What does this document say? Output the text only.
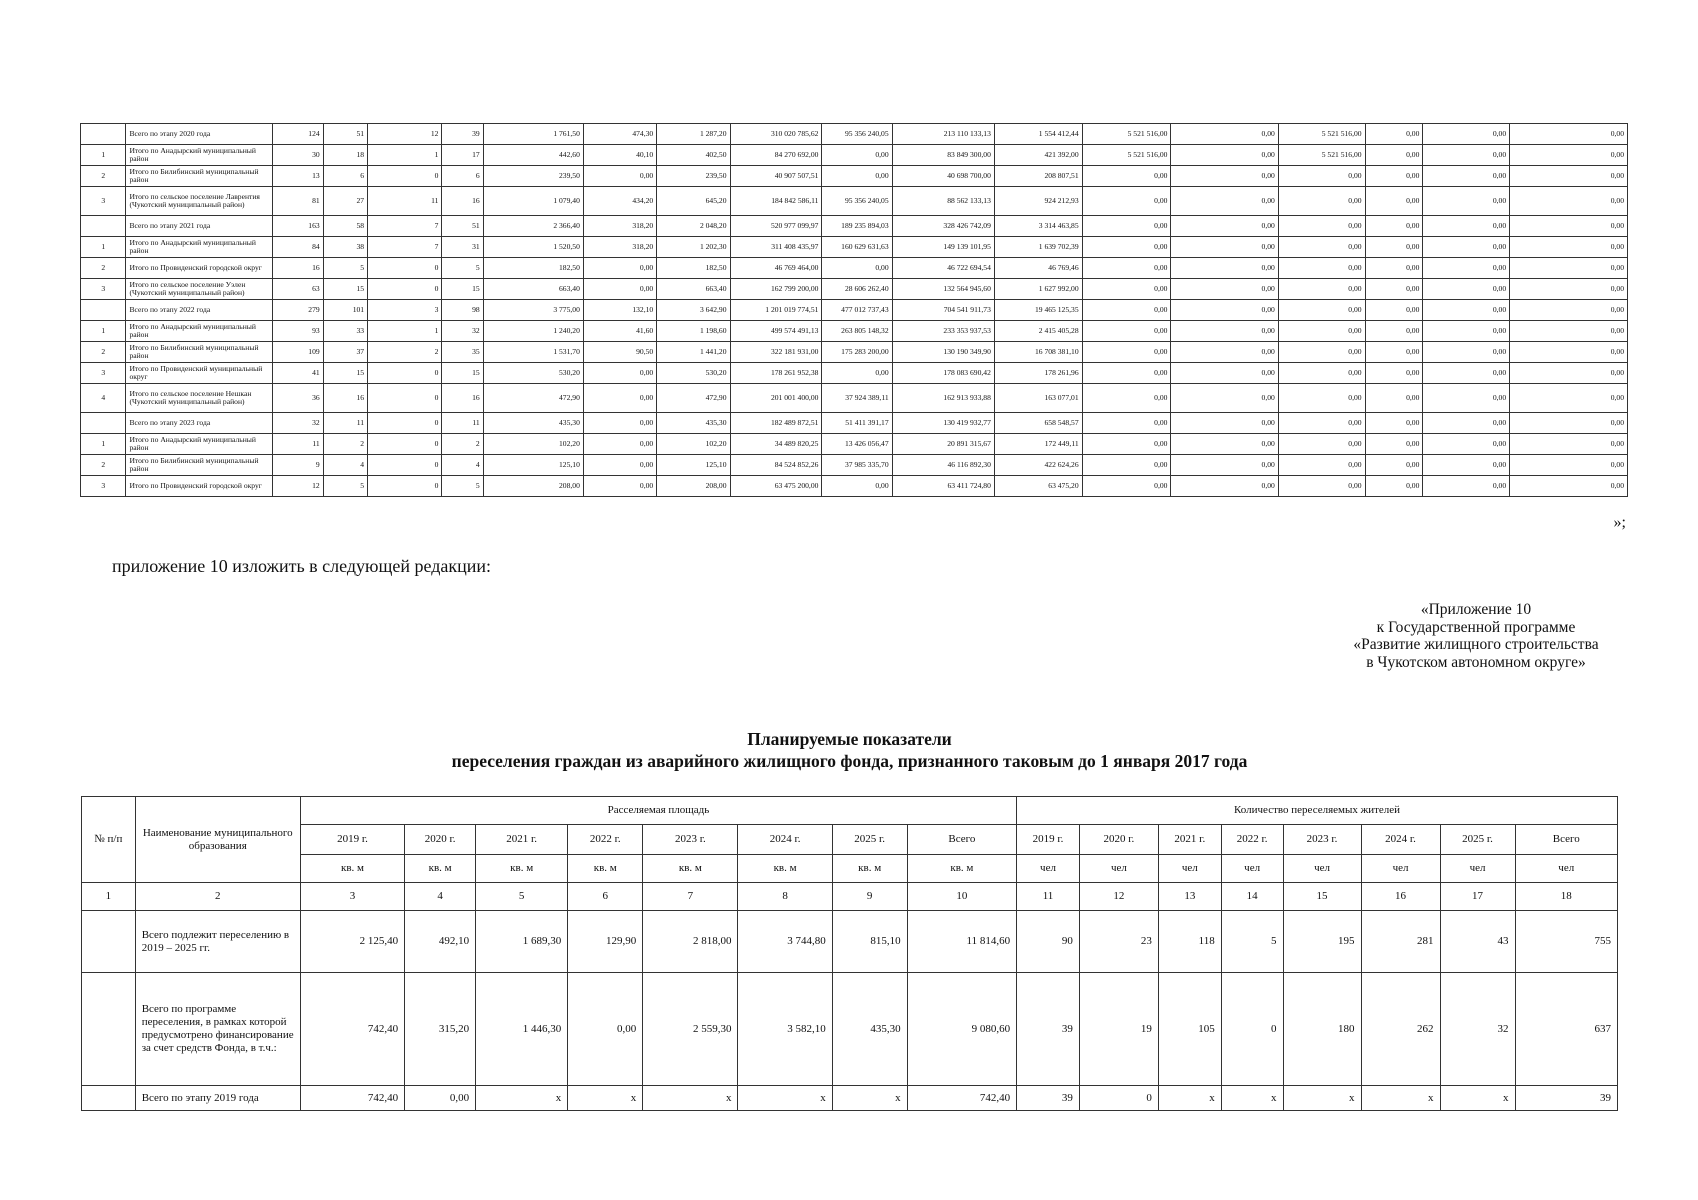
	Всего по этапу 2020 года	124	51	12	39	1 761,50	474,30	1 287,20	310 020 785,62	95 356 240,05	213 110 133,13	1 554 412,44	5 521 516,00	0,00	5 521 516,00	0,00	0,00	0,00
1	Итого по Анадырский муниципальный район	30	18	1	17	442,60	40,10	402,50	84 270 692,00	0,00	83 849 300,00	421 392,00	5 521 516,00	0,00	5 521 516,00	0,00	0,00	0,00
2	Итого по Билибинский муниципальный район	13	6	0	6	239,50	0,00	239,50	40 907 507,51	0,00	40 698 700,00	208 807,51	0,00	0,00	0,00	0,00	0,00	0,00
3	Итого по сельское поселение Лаврентия (Чукотский муниципальный район)	81	27	11	16	1 079,40	434,20	645,20	184 842 586,11	95 356 240,05	88 562 133,13	924 212,93	0,00	0,00	0,00	0,00	0,00	0,00
	Всего по этапу 2021 года	163	58	7	51	2 366,40	318,20	2 048,20	520 977 099,97	189 235 894,03	328 426 742,09	3 314 463,85	0,00	0,00	0,00	0,00	0,00	0,00
1	Итого по Анадырский муниципальный район	84	38	7	31	1 520,50	318,20	1 202,30	311 408 435,97	160 629 631,63	149 139 101,95	1 639 702,39	0,00	0,00	0,00	0,00	0,00	0,00
2	Итого по Провиденский городской округ	16	5	0	5	182,50	0,00	182,50	46 769 464,00	0,00	46 722 694,54	46 769,46	0,00	0,00	0,00	0,00	0,00	0,00
3	Итого по сельское поселение Уэлен (Чукотский муниципальный район)	63	15	0	15	663,40	0,00	663,40	162 799 200,00	28 606 262,40	132 564 945,60	1 627 992,00	0,00	0,00	0,00	0,00	0,00	0,00
	Всего по этапу 2022 года	279	101	3	98	3 775,00	132,10	3 642,90	1 201 019 774,51	477 012 737,43	704 541 911,73	19 465 125,35	0,00	0,00	0,00	0,00	0,00	0,00
1	Итого по Анадырский муниципальный район	93	33	1	32	1 240,20	41,60	1 198,60	499 574 491,13	263 805 148,32	233 353 937,53	2 415 405,28	0,00	0,00	0,00	0,00	0,00	0,00
2	Итого по Билибинский муниципальный район	109	37	2	35	1 531,70	90,50	1 441,20	322 181 931,00	175 283 200,00	130 190 349,90	16 708 381,10	0,00	0,00	0,00	0,00	0,00	0,00
3	Итого по Провиденский муниципальный округ	41	15	0	15	530,20	0,00	530,20	178 261 952,38	0,00	178 083 690,42	178 261,96	0,00	0,00	0,00	0,00	0,00	0,00
4	Итого по сельское поселение Нешкан (Чукотский муниципальный район)	36	16	0	16	472,90	0,00	472,90	201 001 400,00	37 924 389,11	162 913 933,88	163 077,01	0,00	0,00	0,00	0,00	0,00	0,00
	Всего по этапу 2023 года	32	11	0	11	435,30	0,00	435,30	182 489 872,51	51 411 391,17	130 419 932,77	658 548,57	0,00	0,00	0,00	0,00	0,00	0,00
1	Итого по Анадырский муниципальный район	11	2	0	2	102,20	0,00	102,20	34 489 820,25	13 426 056,47	20 891 315,67	172 449,11	0,00	0,00	0,00	0,00	0,00	0,00
2	Итого по Билибинский муниципальный район	9	4	0	4	125,10	0,00	125,10	84 524 852,26	37 985 335,70	46 116 892,30	422 624,26	0,00	0,00	0,00	0,00	0,00	0,00
3	Итого по Провиденский городской округ	12	5	0	5	208,00	0,00	208,00	63 475 200,00	0,00	63 411 724,80	63 475,20	0,00	0,00	0,00	0,00	0,00	0,00
»;
приложение 10 изложить в следующей редакции:
«Приложение 10
к Государственной программе
«Развитие жилищного строительства
в Чукотском автономном округе»
Планируемые показатели
переселения граждан из аварийного жилищного фонда, признанного таковым до 1 января 2017 года
№ п/п	Наименование муниципального образования	Расселяемая площадь								Количество переселяемых жителей							
		2019 г.	2020 г.	2021 г.	2022 г.	2023 г.	2024 г.	2025 г.	Всего	2019 г.	2020 г.	2021 г.	2022 г.	2023 г.	2024 г.	2025 г.	Всего
		кв. м	кв. м	кв. м	кв. м	кв. м	кв. м	кв. м	кв. м	чел	чел	чел	чел	чел	чел	чел	чел
1	2	3	4	5	6	7	8	9	10	11	12	13	14	15	16	17	18
	Всего подлежит переселению в 2019 – 2025 гг.	2 125,40	492,10	1 689,30	129,90	2 818,00	3 744,80	815,10	11 814,60	90	23	118	5	195	281	43	755
	Всего по программе переселения, в рамках которой предусмотрено финансирование за счет средств Фонда, в т.ч.:	742,40	315,20	1 446,30	0,00	2 559,30	3 582,10	435,30	9 080,60	39	19	105	0	180	262	32	637
	Всего по этапу 2019 года	742,40	0,00	x	x	x	x	x	742,40	39	0	x	x	x	x	x	39
